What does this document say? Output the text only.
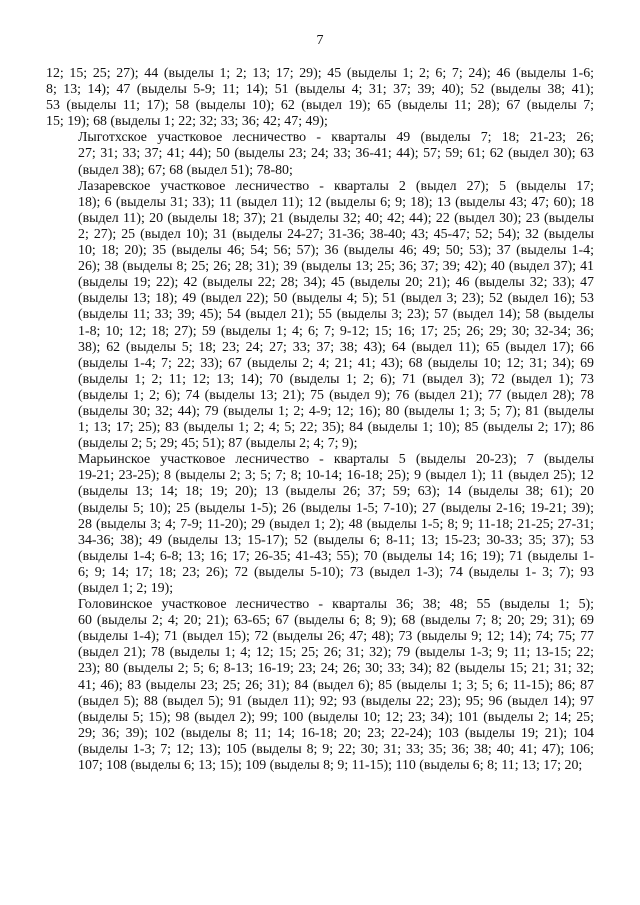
7
12; 15; 25; 27); 44 (выделы 1; 2; 13; 17; 29); 45 (выделы 1; 2; 6; 7; 24); 46 (выделы 1-6;
8; 13; 14); 47 (выделы 5-9; 11; 14); 51 (выделы 4; 31; 37; 39; 40); 52 (выделы 38; 41);
53 (выделы 11; 17); 58 (выделы 10); 62 (выдел 19); 65 (выделы 11; 28); 67 (выделы 7;
15; 19); 68 (выделы 1; 22; 32; 33; 36; 42; 47; 49);
Лыготхское участковое лесничество - кварталы 49 (выделы 7; 18; 21-23; 26;
27; 31; 33; 37; 41; 44); 50 (выделы 23; 24; 33; 36-41; 44); 57; 59; 61; 62 (выдел 30); 63
(выдел 38); 67; 68 (выдел 51); 78-80;
Лазаревское участковое лесничество - кварталы 2 (выдел 27); 5 (выделы 17;
18); 6 (выделы 31; 33); 11 (выдел 11); 12 (выделы 6; 9; 18); 13 (выделы 43; 47; 60); 18
(выдел 11); 20 (выделы 18; 37); 21 (выделы 32; 40; 42; 44); 22 (выдел 30); 23 (выделы
2; 27); 25 (выдел 10); 31 (выделы 24-27; 31-36; 38-40; 43; 45-47; 52; 54); 32 (выделы
10; 18; 20); 35 (выделы 46; 54; 56; 57); 36 (выделы 46; 49; 50; 53); 37 (выделы 1-4;
26); 38 (выделы 8; 25; 26; 28; 31); 39 (выделы 13; 25; 36; 37; 39; 42); 40 (выдел 37); 41
(выделы 19; 22); 42 (выделы 22; 28; 34); 45 (выделы 20; 21); 46 (выделы 32; 33); 47
(выделы 13; 18); 49 (выдел 22); 50 (выделы 4; 5); 51 (выдел 3; 23); 52 (выдел 16); 53
(выделы 11; 33; 39; 45); 54 (выдел 21); 55 (выделы 3; 23); 57 (выдел 14); 58 (выделы
1-8; 10; 12; 18; 27); 59 (выделы 1; 4; 6; 7; 9-12; 15; 16; 17; 25; 26; 29; 30; 32-34; 36;
38); 62 (выделы 5; 18; 23; 24; 27; 33; 37; 38; 43); 64 (выдел 11); 65 (выдел 17); 66
(выделы 1-4; 7; 22; 33); 67 (выделы 2; 4; 21; 41; 43); 68 (выделы 10; 12; 31; 34); 69
(выделы 1; 2; 11; 12; 13; 14); 70 (выделы 1; 2; 6); 71 (выдел 3); 72 (выдел 1); 73
(выделы 1; 2; 6); 74 (выделы 13; 21); 75 (выдел 9); 76 (выдел 21); 77 (выдел 28); 78
(выделы 30; 32; 44); 79 (выделы 1; 2; 4-9; 12; 16); 80 (выделы 1; 3; 5; 7); 81 (выделы
1; 13; 17; 25); 83 (выделы 1; 2; 4; 5; 22; 35); 84 (выделы 1; 10); 85 (выделы 2; 17); 86
(выделы 2; 5; 29; 45; 51); 87 (выделы 2; 4; 7; 9);
Марьинское участковое лесничество - кварталы 5 (выделы 20-23); 7 (выделы
19-21; 23-25); 8 (выделы 2; 3; 5; 7; 8; 10-14; 16-18; 25); 9 (выдел 1); 11 (выдел 25); 12
(выделы 13; 14; 18; 19; 20); 13 (выделы 26; 37; 59; 63); 14 (выделы 38; 61); 20
(выделы 5; 10); 25 (выделы 1-5); 26 (выделы 1-5; 7-10); 27 (выделы 2-16; 19-21; 39);
28 (выделы 3; 4; 7-9; 11-20); 29 (выдел 1; 2); 48 (выделы 1-5; 8; 9; 11-18; 21-25; 27-31;
34-36; 38); 49 (выделы 13; 15-17); 52 (выделы 6; 8-11; 13; 15-23; 30-33; 35; 37); 53
(выделы 1-4; 6-8; 13; 16; 17; 26-35; 41-43; 55); 70 (выделы 14; 16; 19); 71 (выделы 1-
6; 9; 14; 17; 18; 23; 26); 72 (выделы 5-10); 73 (выдел 1-3); 74 (выделы 1- 3; 7); 93
(выдел 1; 2; 19);
Головинское участковое лесничество - кварталы 36; 38; 48; 55 (выделы 1; 5);
60 (выделы 2; 4; 20; 21); 63-65; 67 (выделы 6; 8; 9); 68 (выделы 7; 8; 20; 29; 31); 69
(выделы 1-4); 71 (выдел 15); 72 (выделы 26; 47; 48); 73 (выделы 9; 12; 14); 74; 75; 77
(выдел 21); 78 (выделы 1; 4; 12; 15; 25; 26; 31; 32); 79 (выделы 1-3; 9; 11; 13-15; 22;
23); 80 (выделы 2; 5; 6; 8-13; 16-19; 23; 24; 26; 30; 33; 34); 82 (выделы 15; 21; 31; 32;
41; 46); 83 (выделы 23; 25; 26; 31); 84 (выдел 6); 85 (выделы 1; 3; 5; 6; 11-15); 86; 87
(выдел 5); 88 (выдел 5); 91 (выдел 11); 92; 93 (выделы 22; 23); 95; 96 (выдел 14); 97
(выделы 5; 15); 98 (выдел 2); 99; 100 (выделы 10; 12; 23; 34); 101 (выделы 2; 14; 25;
29; 36; 39); 102 (выделы 8; 11; 14; 16-18; 20; 23; 22-24); 103 (выделы 19; 21); 104
(выделы 1-3; 7; 12; 13); 105 (выделы 8; 9; 22; 30; 31; 33; 35; 36; 38; 40; 41; 47); 106;
107; 108 (выделы 6; 13; 15); 109 (выделы 8; 9; 11-15); 110 (выделы 6; 8; 11; 13; 17; 20;
